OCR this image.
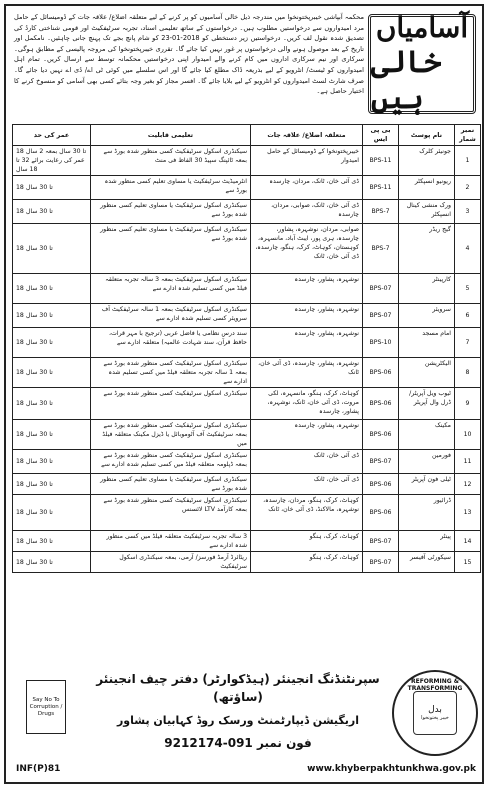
آسامیاں
خالی ہیں
محکمہ آبپاشی خیبرپختونخوا میں مندرجہ ذیل خالی آسامیوں کو پر کرنے کے لیے متعلقہ اضلاع/ علاقہ جات کے ڈومیسائل کے حامل مرد امیدواروں سے درخواستیں مطلوب ہیں۔ درخواستوں کے ساتھ تعلیمی اسناد، تجربہ سرٹیفکیٹ اور قومی شناختی کارڈ کی تصدیق شدہ نقول لف کریں۔ درخواستیں زیر دستخطی کو 2018-01-23 کو شام پانچ بجے تک پہنچ جانی چاہئیں۔ نامکمل اور تاریخ کے بعد موصول ہونے والی درخواستوں پر غور نہیں کیا جائے گا۔ تقرری خیبرپختونخوا کی مروجہ پالیسی کے مطابق ہوگی۔ سرکاری اور نیم سرکاری اداروں میں کام کرنے والے امیدوار اپنی درخواستیں محکمانہ توسط سے ارسال کریں۔ تمام اہل امیدواروں کو ٹیسٹ/ انٹرویو کے لیے بذریعہ ڈاک مطلع کیا جائے گا اور اس سلسلے میں کوئی ٹی اے/ ڈی اے نہیں دیا جائے گا۔ صرف شارٹ لسٹ امیدواروں کو انٹرویو کے لیے بلایا جائے گا۔ افسر مجاز کو بغیر وجہ بتائے کسی بھی آسامی کو منسوخ کرنے کا اختیار حاصل ہے۔
نمبر شمار	نام پوسٹ	بی پی ایس	متعلقہ اضلاع/ علاقہ جات	تعلیمی قابلیت	عمر کی حد
1	جونیئر کلرک	BPS-11	خیبرپختونخوا کے ڈومیسائل کے حامل امیدوار	سیکنڈری اسکول سرٹیفکیٹ کسی منظور شدہ بورڈ سے بمعہ ٹائپنگ سپیڈ 30 الفاظ فی منٹ	18 تا 30 سال بمعہ 2 سال عمر کی رعایت برائے 32 تا 18 سال
2	ریونیو انسپکٹر	BPS-11	ڈی آئی خان، ٹانک، مردان، چارسدہ	انٹرمیڈیٹ سرٹیفکیٹ یا مساوی تعلیم کسی منظور شدہ بورڈ سے	18 تا 30 سال
3	ورک منشی کینال انسپکٹر	BPS-7	ڈی آئی خان، ٹانک، صوابی، مردان، چارسدہ	سیکنڈری اسکول سرٹیفکیٹ یا مساوی تعلیم کسی منظور شدہ بورڈ سے	18 تا 30 سال
4	گیج ریڈر	BPS-7	صوابی، مردان، نوشہرہ، پشاور، چارسدہ، ہری پور، ایبٹ آباد، مانسہرہ، کوہستان، کوہاٹ، کرک، ہنگو، چارسدہ، ڈی آئی خان، ٹانک	سیکنڈری اسکول سرٹیفکیٹ یا مساوی تعلیم کسی منظور شدہ بورڈ سے	18 تا 30 سال
5	کارپینٹر	BPS-07	نوشہرہ، پشاور، چارسدہ	سیکنڈری اسکول سرٹیفکیٹ بمعہ 3 سالہ تجربہ متعلقہ فیلڈ میں کسی تسلیم شدہ ادارے سے	18 تا 30 سال
6	سرویئر	BPS-07	نوشہرہ، پشاور، چارسدہ	سیکنڈری اسکول سرٹیفکیٹ بمعہ 1 سالہ سرٹیفکیٹ آف سرویئر کسی تسلیم شدہ ادارے سے	18 تا 30 سال
7	امام مسجد	BPS-10	نوشہرہ، پشاور، چارسدہ	سند درس نظامی یا فاضل عربی (ترجیح با مہر قرات، حافظ قرآن، سند شہادت عالمیہ) متعلقہ ادارے سے	18 تا 30 سال
8	الیکٹریشن	BPS-06	نوشہرہ، پشاور، چارسدہ، ڈی آئی خان، ٹانک	سیکنڈری اسکول سرٹیفکیٹ کسی منظور شدہ بورڈ سے بمعہ 1 سالہ تجربہ متعلقہ فیلڈ میں کسی تسلیم شدہ ادارے سے	18 تا 30 سال
9	ٹیوب ویل آپریٹر/ ڈرل وال آپریٹر	BPS-06	کوہاٹ، کرک، ہنگو، مانسہرہ، لکی مروت، ڈی آئی خان، ٹانک، نوشہرہ، پشاور، چارسدہ	سیکنڈری اسکول سرٹیفکیٹ کسی منظور شدہ بورڈ سے	18 تا 30 سال
10	مکینک	BPS-06	نوشہرہ، پشاور، چارسدہ	سیکنڈری اسکول سرٹیفکیٹ کسی منظور شدہ بورڈ سے بمعہ سرٹیفکیٹ آف آٹوموبائل یا ڈیزل مکینک متعلقہ فیلڈ میں	18 تا 30 سال
11	فورمین	BPS-07	ڈی آئی خان، ٹانک	سیکنڈری اسکول سرٹیفکیٹ کسی منظور شدہ بورڈ سے بمعہ ڈپلومہ متعلقہ فیلڈ میں کسی تسلیم شدہ ادارے سے	18 تا 30 سال
12	ٹیلی فون آپریٹر	BPS-06	ڈی آئی خان، ٹانک	سیکنڈری اسکول سرٹیفکیٹ یا مساوی تعلیم کسی منظور شدہ بورڈ سے	18 تا 30 سال
13	ڈرائیور	BPS-06	کوہاٹ، کرک، ہنگو، مردان، چارسدہ، نوشہرہ، مالاکنڈ، ڈی آئی خان، ٹانک	سیکنڈری اسکول سرٹیفکیٹ کسی منظور شدہ بورڈ سے بمعہ کارآمد LTV لائسنس	18 تا 30 سال
14	پینٹر	BPS-07	کوہاٹ، کرک، ہنگو	3 سالہ تجربہ سرٹیفکیٹ متعلقہ فیلڈ میں کسی منظور شدہ ادارے سے	18 تا 30 سال
15	سیکورٹی آفیسر	BPS-07	کوہاٹ، کرک، ہنگو	ریٹائرڈ آرمڈ فورسز/ آرمی، بمعہ سیکنڈری اسکول سرٹیفکیٹ	18 تا 30 سال
REFORMING & TRANSFORMING
بدل
خیبر پختونخوا
سپرنٹنڈنگ انجینئر (ہیڈکوارٹر) دفتر چیف انجینئر (ساؤتھ)
اریگیشن ڈیپارٹمنٹ ورسک روڈ کہابیان پشاور
فون نمبر 091-9212174
Say No To Corruption / Drugs
INF(P)81	www.khyberpakhtunkhwa.gov.pk
